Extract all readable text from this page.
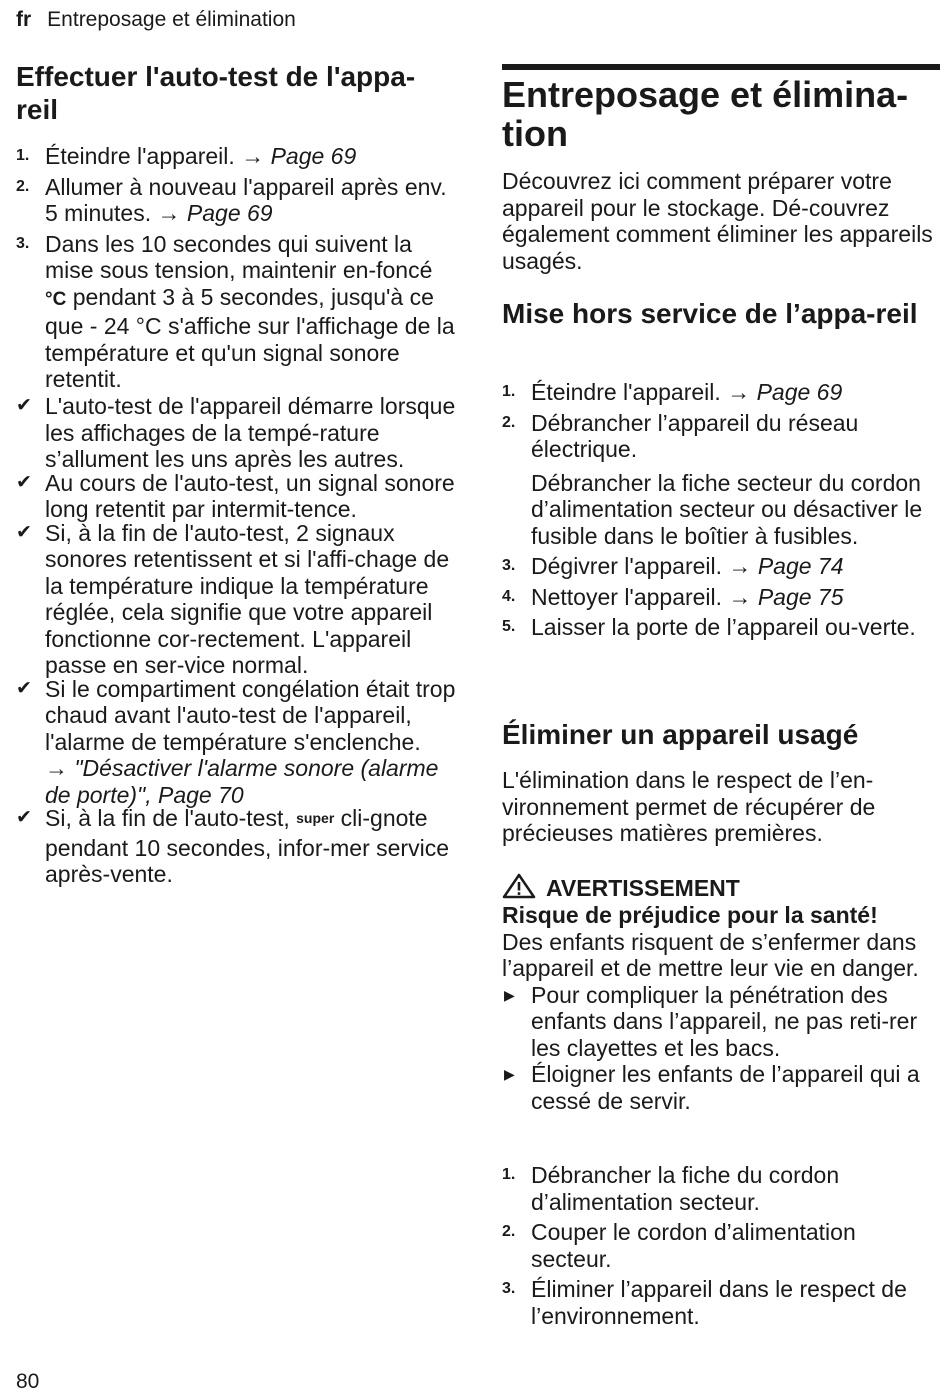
fr Entreposage et élimination
Effectuer l'auto-test de l'appa-reil
1. Éteindre l'appareil. → Page 69
2. Allumer à nouveau l'appareil après env. 5 minutes. → Page 69
3. Dans les 10 secondes qui suivent la mise sous tension, maintenir en-foncé °C pendant 3 à 5 secondes, jusqu'à ce que - 24 °C s'affiche sur l'affichage de la température et qu'un signal sonore retentit.
✔ L'auto-test de l'appareil démarre lorsque les affichages de la tempé-rature s’allument les uns après les autres.
✔ Au cours de l'auto-test, un signal sonore long retentit par intermit-tence.
✔ Si, à la fin de l'auto-test, 2 signaux sonores retentissent et si l'affi-chage de la température indique la température réglée, cela signifie que votre appareil fonctionne cor-rectement. L'appareil passe en ser-vice normal.
✔ Si le compartiment congélation était trop chaud avant l'auto-test de l'appareil, l'alarme de température s'enclenche.
→ "Désactiver l'alarme sonore (alarme de porte)", Page 70
✔ Si, à la fin de l'auto-test, super cli-gnote pendant 10 secondes, infor-mer service après-vente.
Entreposage et élimina-tion

Découvrez ici comment préparer votre appareil pour le stockage. Dé-couvrez également comment éliminer les appareils usagés.

Mise hors service de l’appa-reil
1. Éteindre l'appareil. → Page 69
2. Débrancher l’appareil du réseau électrique.

Débrancher la fiche secteur du cordon d’alimentation secteur ou désactiver le fusible dans le boîtier à fusibles.

3. Dégivrer l'appareil. → Page 74
4. Nettoyer l'appareil. → Page 75
5. Laisser la porte de l’appareil ou-verte.
Éliminer un appareil usagé

L'élimination dans le respect de l’en-vironnement permet de récupérer de précieuses matières premières.

AVERTISSEMENT
Risque de préjudice pour la santé!

Des enfants risquent de s’enfermer dans l’appareil et de mettre leur vie en danger.

▶ Pour compliquer la pénétration des enfants dans l’appareil, ne pas reti-rer les clayettes et les bacs.
▶ Éloigner les enfants de l’appareil qui a cessé de servir.
1. Débrancher la fiche du cordon d’alimentation secteur.
2. Couper le cordon d’alimentation secteur.
3. Éliminer l’appareil dans le respect de l’environnement.
80
